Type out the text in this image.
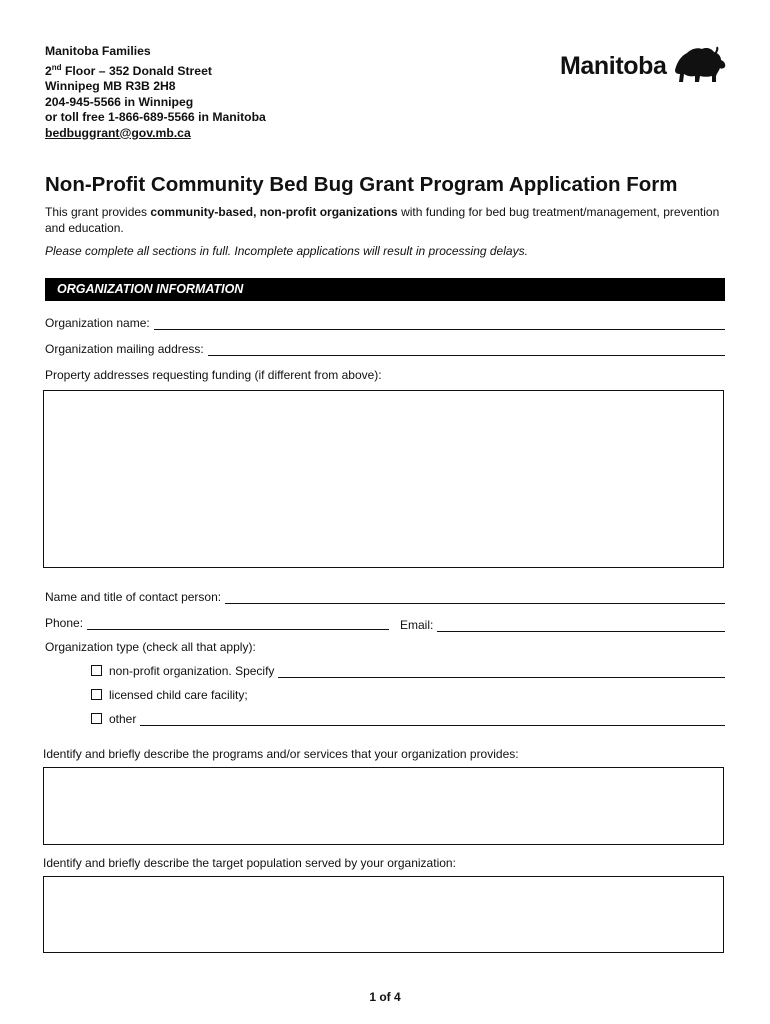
Manitoba Families
2nd Floor – 352 Donald Street
Winnipeg MB R3B 2H8
204-945-5566 in Winnipeg
or toll free 1-866-689-5566 in Manitoba
bedbuggrant@gov.mb.ca
Manitoba
Non-Profit Community Bed Bug Grant Program Application Form
This grant provides community-based, non-profit organizations with funding for bed bug treatment/management, prevention and education.
Please complete all sections in full. Incomplete applications will result in processing delays.
ORGANIZATION INFORMATION
Organization name:
Organization mailing address:
Property addresses requesting funding (if different from above):
Name and title of contact person:
Phone:	Email:
Organization type (check all that apply):
non-profit organization. Specify
licensed child care facility;
other
Identify and briefly describe the programs and/or services that your organization provides:
Identify and briefly describe the target population served by your organization:
1 of 4
